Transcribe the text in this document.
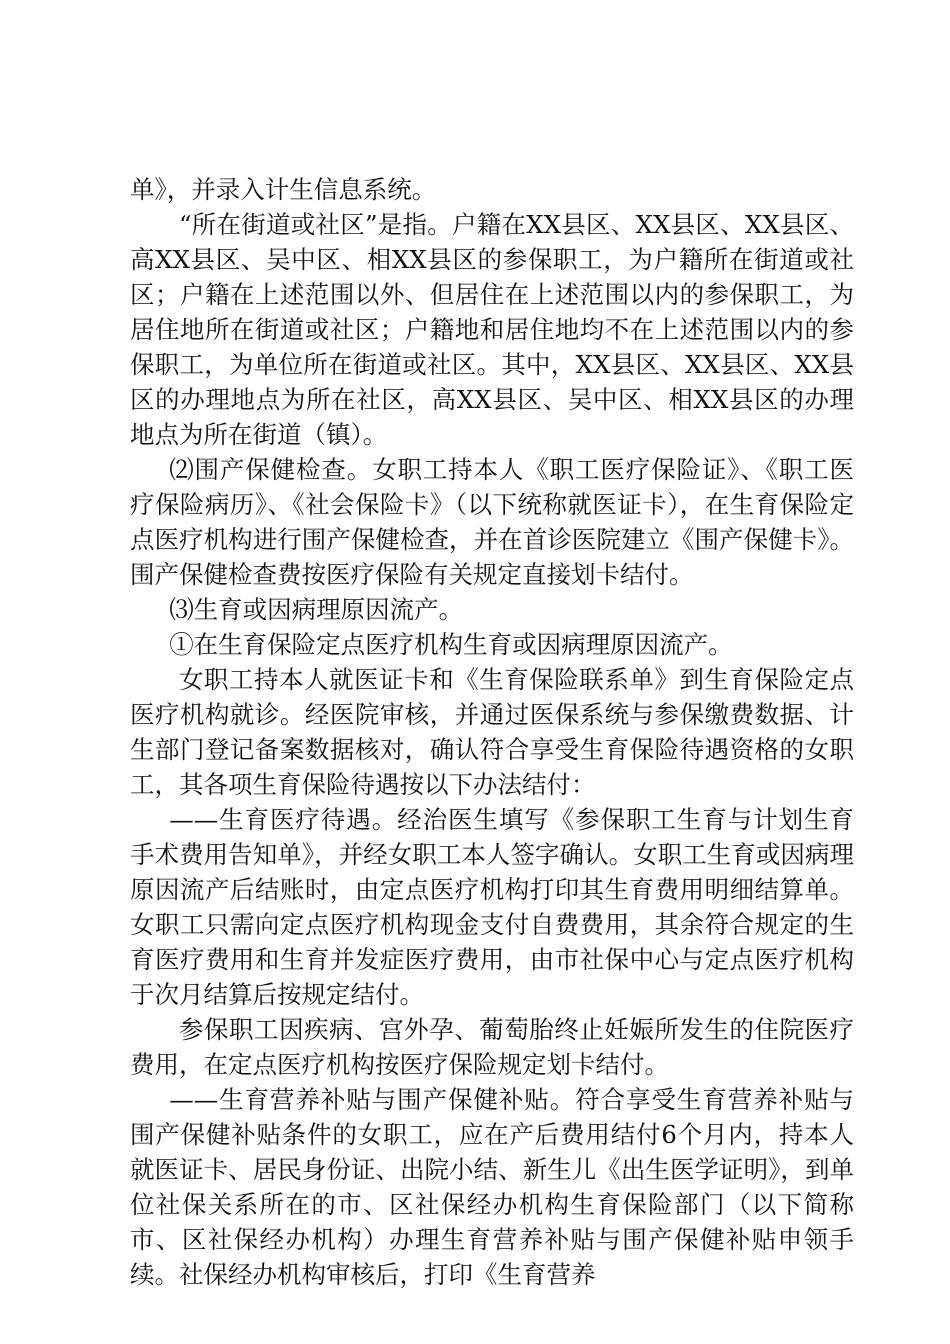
单》，并录入计生信息系统。

“所在街道或社区”是指。户籍在XX县区、XX县区、XX县区、高XX县区、吴中区、相XX县区的参保职工，为户籍所在街道或社区；户籍在上述范围以外、但居住在上述范围以内的参保职工，为居住地所在街道或社区；户籍地和居住地均不在上述范围以内的参保职工，为单位所在街道或社区。其中，XX县区、XX县区、XX县区的办理地点为所在社区，高XX县区、吴中区、相XX县区的办理地点为所在街道（镇）。

⑵围产保健检查。女职工持本人《职工医疗保险证》、《职工医疗保险病历》、《社会保险卡》（以下统称就医证卡），在生育保险定点医疗机构进行围产保健检查，并在首诊医院建立《围产保健卡》。围产保健检查费按医疗保险有关规定直接划卡结付。

⑶生育或因病理原因流产。

①在生育保险定点医疗机构生育或因病理原因流产。

女职工持本人就医证卡和《生育保险联系单》到生育保险定点医疗机构就诊。经医院审核，并通过医保系统与参保缴费数据、计生部门登记备案数据核对，确认符合享受生育保险待遇资格的女职工，其各项生育保险待遇按以下办法结付：

——生育医疗待遇。经治医生填写《参保职工生育与计划生育手术费用告知单》，并经女职工本人签字确认。女职工生育或因病理原因流产后结账时，由定点医疗机构打印其生育费用明细结算单。女职工只需向定点医疗机构现金支付自费费用，其余符合规定的生育医疗费用和生育并发症医疗费用，由市社保中心与定点医疗机构于次月结算后按规定结付。

参保职工因疾病、宫外孕、葡萄胎终止妊娠所发生的住院医疗费用，在定点医疗机构按医疗保险规定划卡结付。

——生育营养补贴与围产保健补贴。符合享受生育营养补贴与围产保健补贴条件的女职工，应在产后费用结付6个月内，持本人就医证卡、居民身份证、出院小结、新生儿《出生医学证明》，到单位社保关系所在的市、区社保经办机构生育保险部门（以下简称市、区社保经办机构）办理生育营养补贴与围产保健补贴申领手续。社保经办机构审核后，打印《生育营养
